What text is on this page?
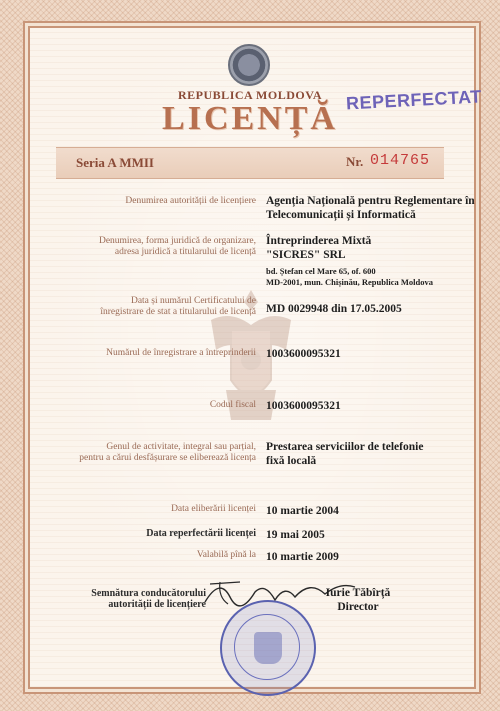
REPUBLICA MOLDOVA
LICENȚĂ REPERFECTAT
Seria A MMII	Nr. 014765
Denumirea autorității de licențiere Agenția Națională pentru Reglementare în
Telecomunicații și Informatică
Denumirea, forma juridică de organizare,
adresa juridică a titularului de licență
Întreprinderea Mixtă
"SICRES" SRL
bd. Ștefan cel Mare 65, of. 600
MD-2001, mun. Chișinău, Republica Moldova
Data și numărul Certificatului de
înregistrare de stat a titularului de licență MD 0029948 din 17.05.2005
Numărul de înregistrare a întreprinderii 1003600095321
Codul fiscal 1003600095321
Genul de activitate, integral sau parțial,
pentru a cărui desfășurare se eliberează licența
Prestarea serviciilor de telefonie
fixă locală
Data eliberării licenței 10 martie 2004
Data reperfectării licenței 19 mai 2005
Valabilă pînă la 10 martie 2009
Semnătura conducătorului
autorității de licențiere
Iurie Tăbîrță
Director
